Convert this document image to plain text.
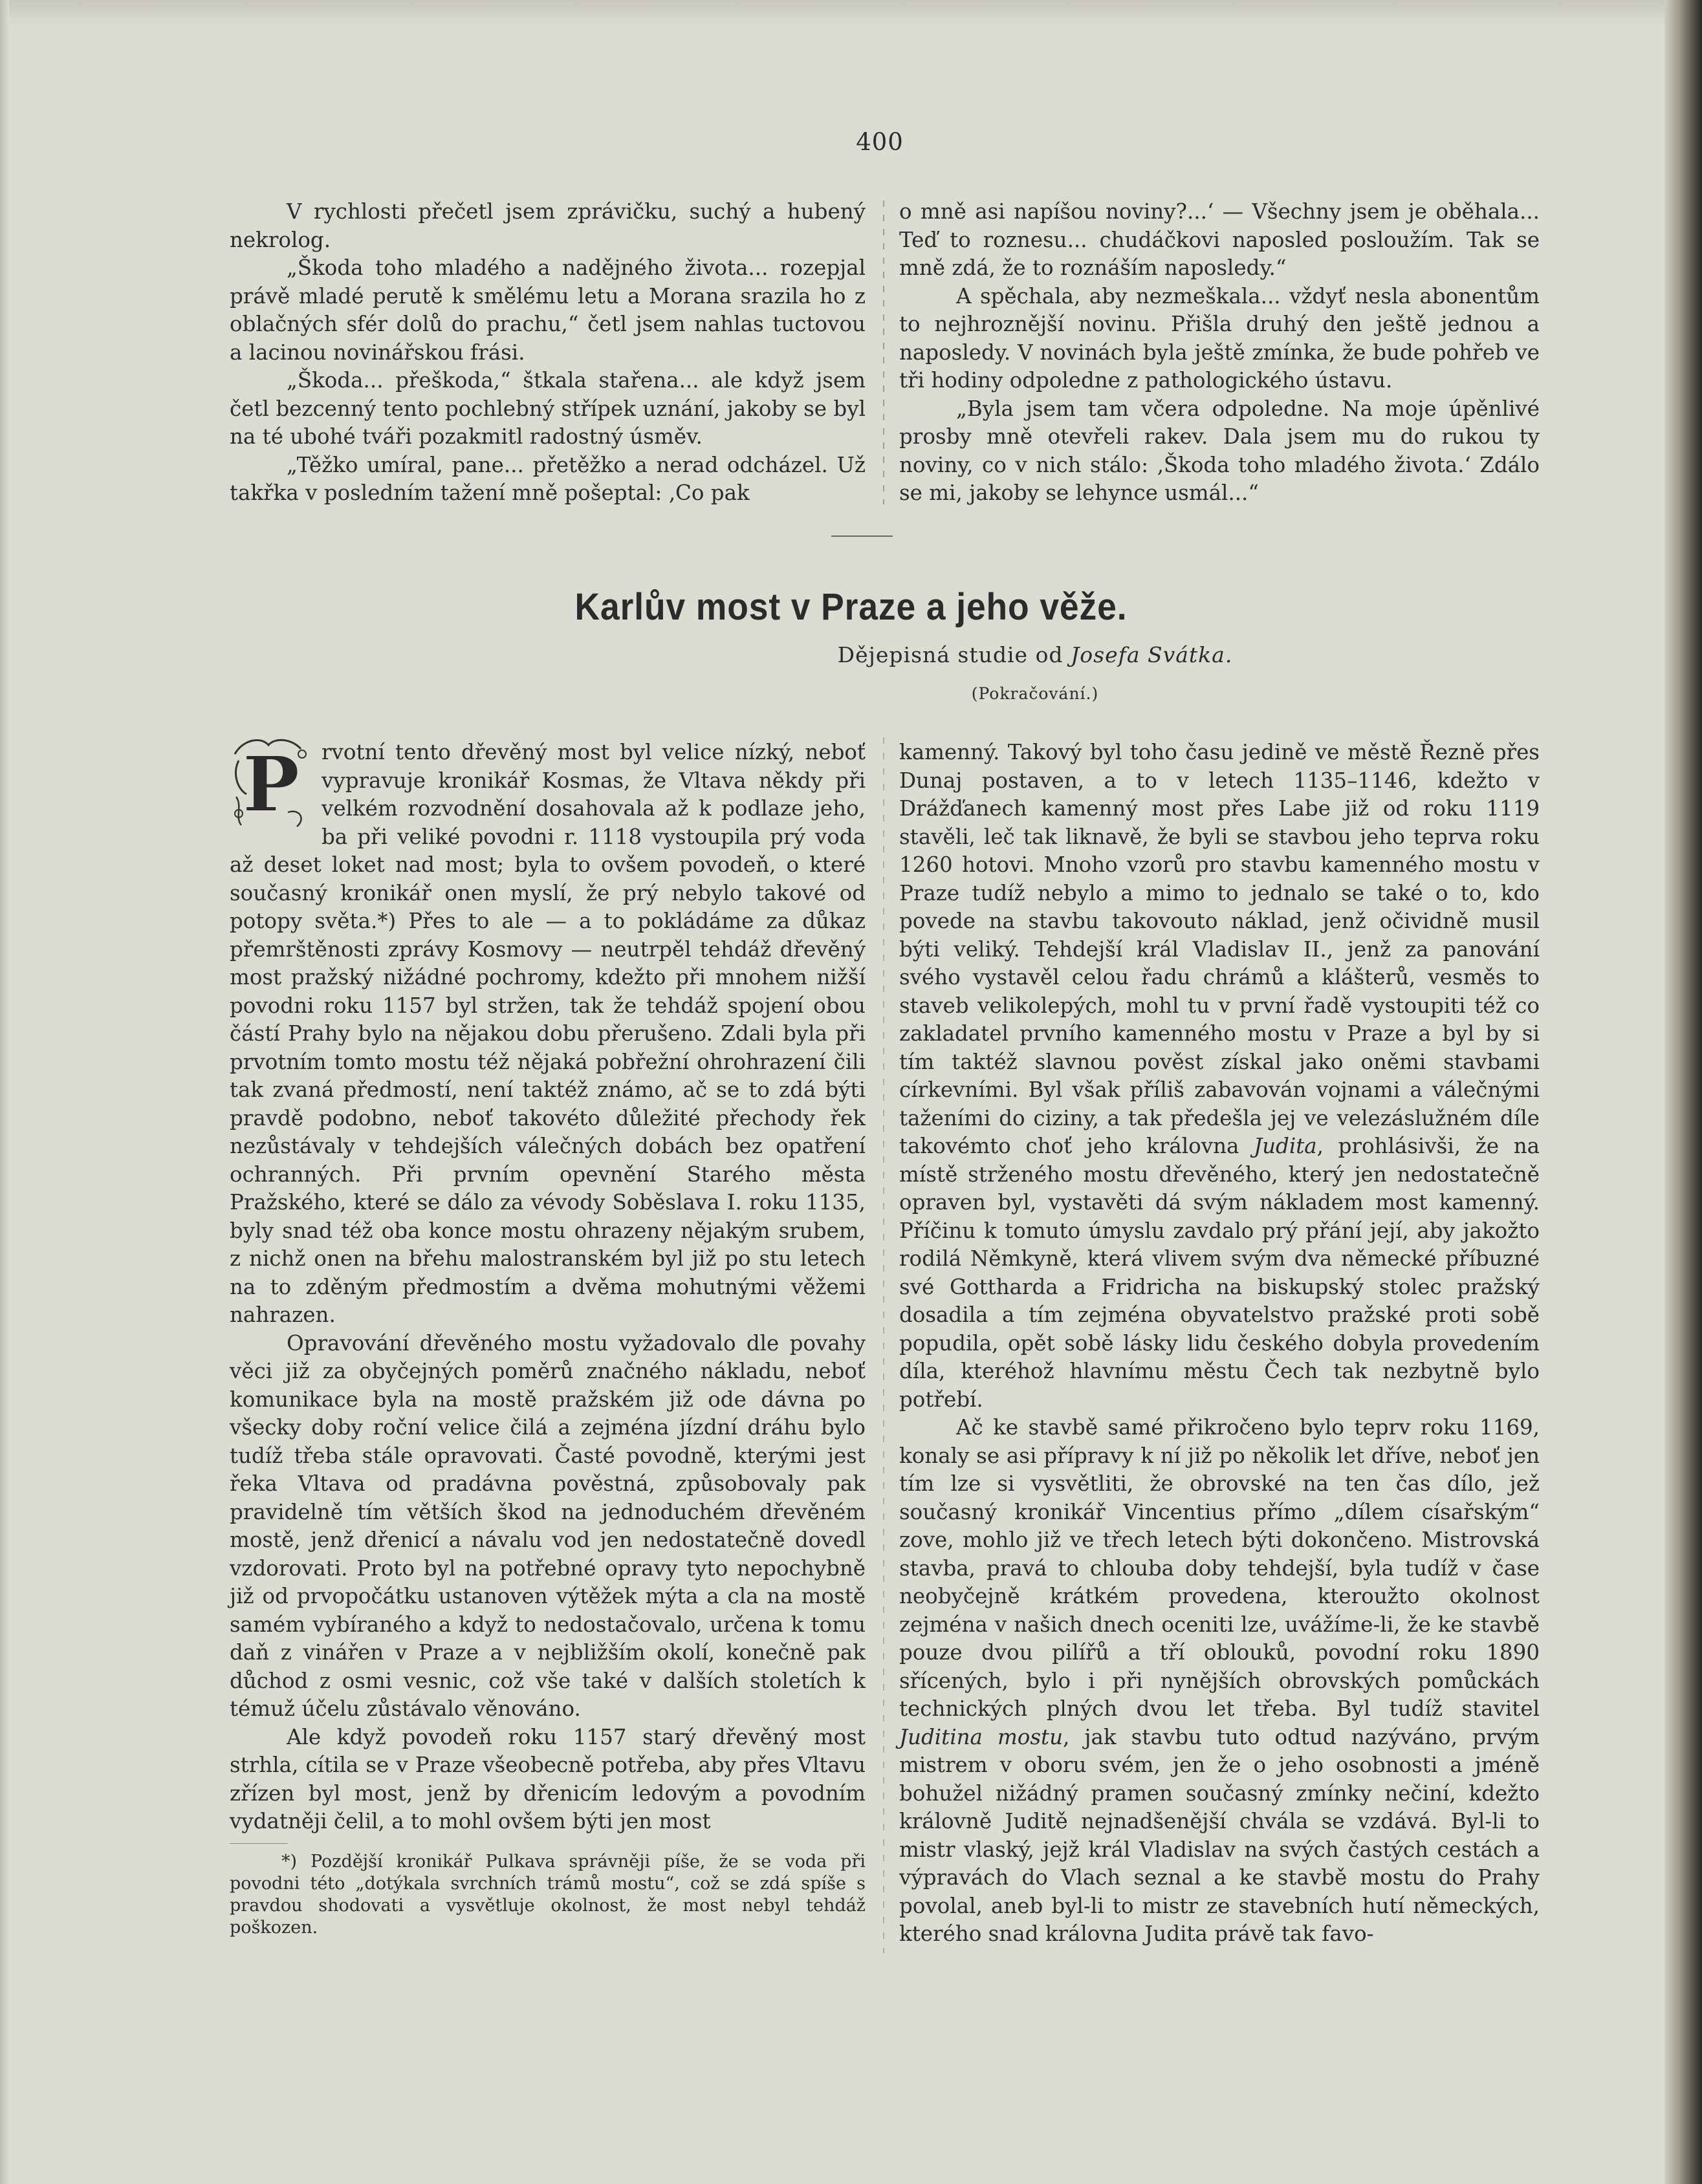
400

V rychlosti přečetl jsem zprávičku, suchý a hubený nekrolog.

„Škoda toho mladého a nadějného života... rozepjal právě mladé perutě k smělému letu a Morana srazila ho z oblačných sfér dolů do prachu,“ četl jsem nahlas tuctovou a lacinou novinářskou frási.

„Škoda... přeškoda,“ štkala stařena... ale když jsem četl bezcenný tento pochlebný střípek uznání, jakoby se byl na té ubohé tváři pozakmitl radostný úsměv.

„Těžko umíral, pane... přetěžko a nerad odcházel. Už takřka v posledním tažení mně pošeptal: ‚Co pak

o mně asi napíšou noviny?...‘ — Všechny jsem je oběhala... Teď to roznesu... chudáčkovi naposled posloužím. Tak se mně zdá, že to roznáším naposledy.“

A spěchala, aby nezmeškala... vždyť nesla abonentům to nejhroznější novinu. Přišla druhý den ještě jednou a naposledy. V novinách byla ještě zmínka, že bude pohřeb ve tři hodiny odpoledne z pathologického ústavu.

„Byla jsem tam včera odpoledne. Na moje úpěnlivé prosby mně otevřeli rakev. Dala jsem mu do rukou ty noviny, co v nich stálo: ‚Škoda toho mladého života.‘ Zdálo se mi, jakoby se lehynce usmál...“

Karlův most v Praze a jeho věže.
Dějepisná studie od Josefa Svátka.
(Pokračování.)
P	rvotní tento dřevěný most byl velice nízký, neboť vypravuje kronikář Kosmas, že Vltava někdy při velkém rozvodnění dosahovala až k podlaze jeho, ba při veliké povodni r. 1118 vystoupila prý voda až deset loket nad most; byla to ovšem povodeň, o které současný kronikář onen myslí, že prý nebylo takové od potopy světa.*) Přes to ale — a to pokládáme za důkaz přemrštěnosti zprávy Kosmovy — neutrpěl tehdáž dřevěný most pražský nižádné pochromy, kdežto při mnohem nižší povodni roku 1157 byl stržen, tak že tehdáž spojení obou částí Prahy bylo na nějakou dobu přerušeno. Zdali byla při prvotním tomto mostu též nějaká pobřežní ohrohrazení čili tak zvaná předmostí, není taktéž známo, ač se to zdá býti pravdě podobno, neboť takovéto důležité přechody řek nezůstávaly v tehdejších válečných dobách bez opatření ochranných. Při prvním opevnění Starého města Pražského, které se dálo za vévody Soběslava I. roku 1135, byly snad též oba konce mostu ohrazeny nějakým srubem, z nichž onen na břehu malostranském byl již po stu letech na to zděným předmostím a dvěma mohutnými věžemi nahrazen.

Opravování dřevěného mostu vyžadovalo dle povahy věci již za obyčejných poměrů značného nákladu, neboť komunikace byla na mostě pražském již ode dávna po všecky doby roční velice čilá a zejména jízdní dráhu bylo tudíž třeba stále opravovati. Časté povodně, kterými jest řeka Vltava od pradávna pověstná, způsobovaly pak pravidelně tím větších škod na jednoduchém dřevěném mostě, jenž dřenicí a návalu vod jen nedostatečně dovedl vzdorovati. Proto byl na potřebné opravy tyto nepochybně již od prvopočátku ustanoven výtěžek mýta a cla na mostě samém vybíraného a když to nedostačovalo, určena k tomu daň z vinářen v Praze a v nejbližším okolí, konečně pak důchod z osmi vesnic, což vše také v dalších stoletích k témuž účelu zůstávalo věnováno.

Ale když povodeň roku 1157 starý dřevěný most strhla, cítila se v Praze všeobecně potřeba, aby přes Vltavu zřízen byl most, jenž by dřenicím ledovým a povodním vydatněji čelil, a to mohl ovšem býti jen most

*) Pozdější kronikář Pulkava správněji píše, že se voda při povodni této „dotýkala svrchních trámů mostu“, což se zdá spíše s pravdou shodovati a vysvětluje okolnost, že most nebyl tehdáž poškozen.

kamenný. Takový byl toho času jedině ve městě Řezně přes Dunaj postaven, a to v letech 1135–1146, kdežto v Drážďanech kamenný most přes Labe již od roku 1119 stavěli, leč tak liknavě, že byli se stavbou jeho teprva roku 1260 hotovi. Mnoho vzorů pro stavbu kamenného mostu v Praze tudíž nebylo a mimo to jednalo se také o to, kdo povede na stavbu takovouto náklad, jenž očividně musil býti veliký. Tehdejší král Vladislav II., jenž za panování svého vystavěl celou řadu chrámů a klášterů, vesměs to staveb velikolepých, mohl tu v první řadě vystoupiti též co zakladatel prvního kamenného mostu v Praze a byl by si tím taktéž slavnou pověst získal jako oněmi stavbami církevními. Byl však příliš zabavován vojnami a válečnými taženími do ciziny, a tak předešla jej ve velezáslužném díle takovémto choť jeho královna Judita, prohlásivši, že na místě strženého mostu dřevěného, který jen nedostatečně opraven byl, vystavěti dá svým nákladem most kamenný. Příčinu k tomuto úmyslu zavdalo prý přání její, aby jakožto rodilá Němkyně, která vlivem svým dva německé příbuzné své Gottharda a Fridricha na biskupský stolec pražský dosadila a tím zejména obyvatelstvo pražské proti sobě popudila, opět sobě lásky lidu českého dobyla provedením díla, kteréhož hlavnímu městu Čech tak nezbytně bylo potřebí.

Ač ke stavbě samé přikročeno bylo teprv roku 1169, konaly se asi přípravy k ní již po několik let dříve, neboť jen tím lze si vysvětliti, že obrovské na ten čas dílo, jež současný kronikář Vincentius přímo „dílem císařským“ zove, mohlo již ve třech letech býti dokončeno. Mistrovská stavba, pravá to chlouba doby tehdejší, byla tudíž v čase neobyčejně krátkém provedena, kteroužto okolnost zejména v našich dnech oceniti lze, uvážíme-li, že ke stavbě pouze dvou pilířů a tří oblouků, povodní roku 1890 sřícených, bylo i při nynějších obrovských pomůckách technických plných dvou let třeba. Byl tudíž stavitel Juditina mostu, jak stavbu tuto odtud nazýváno, prvým mistrem v oboru svém, jen že o jeho osobnosti a jméně bohužel nižádný pramen současný zmínky nečiní, kdežto královně Juditě nejnadšenější chvála se vzdává. Byl-li to mistr vlaský, jejž král Vladislav na svých častých cestách a výpravách do Vlach seznal a ke stavbě mostu do Prahy povolal, aneb byl-li to mistr ze stavebních hutí německých, kterého snad královna Judita právě tak favo-
